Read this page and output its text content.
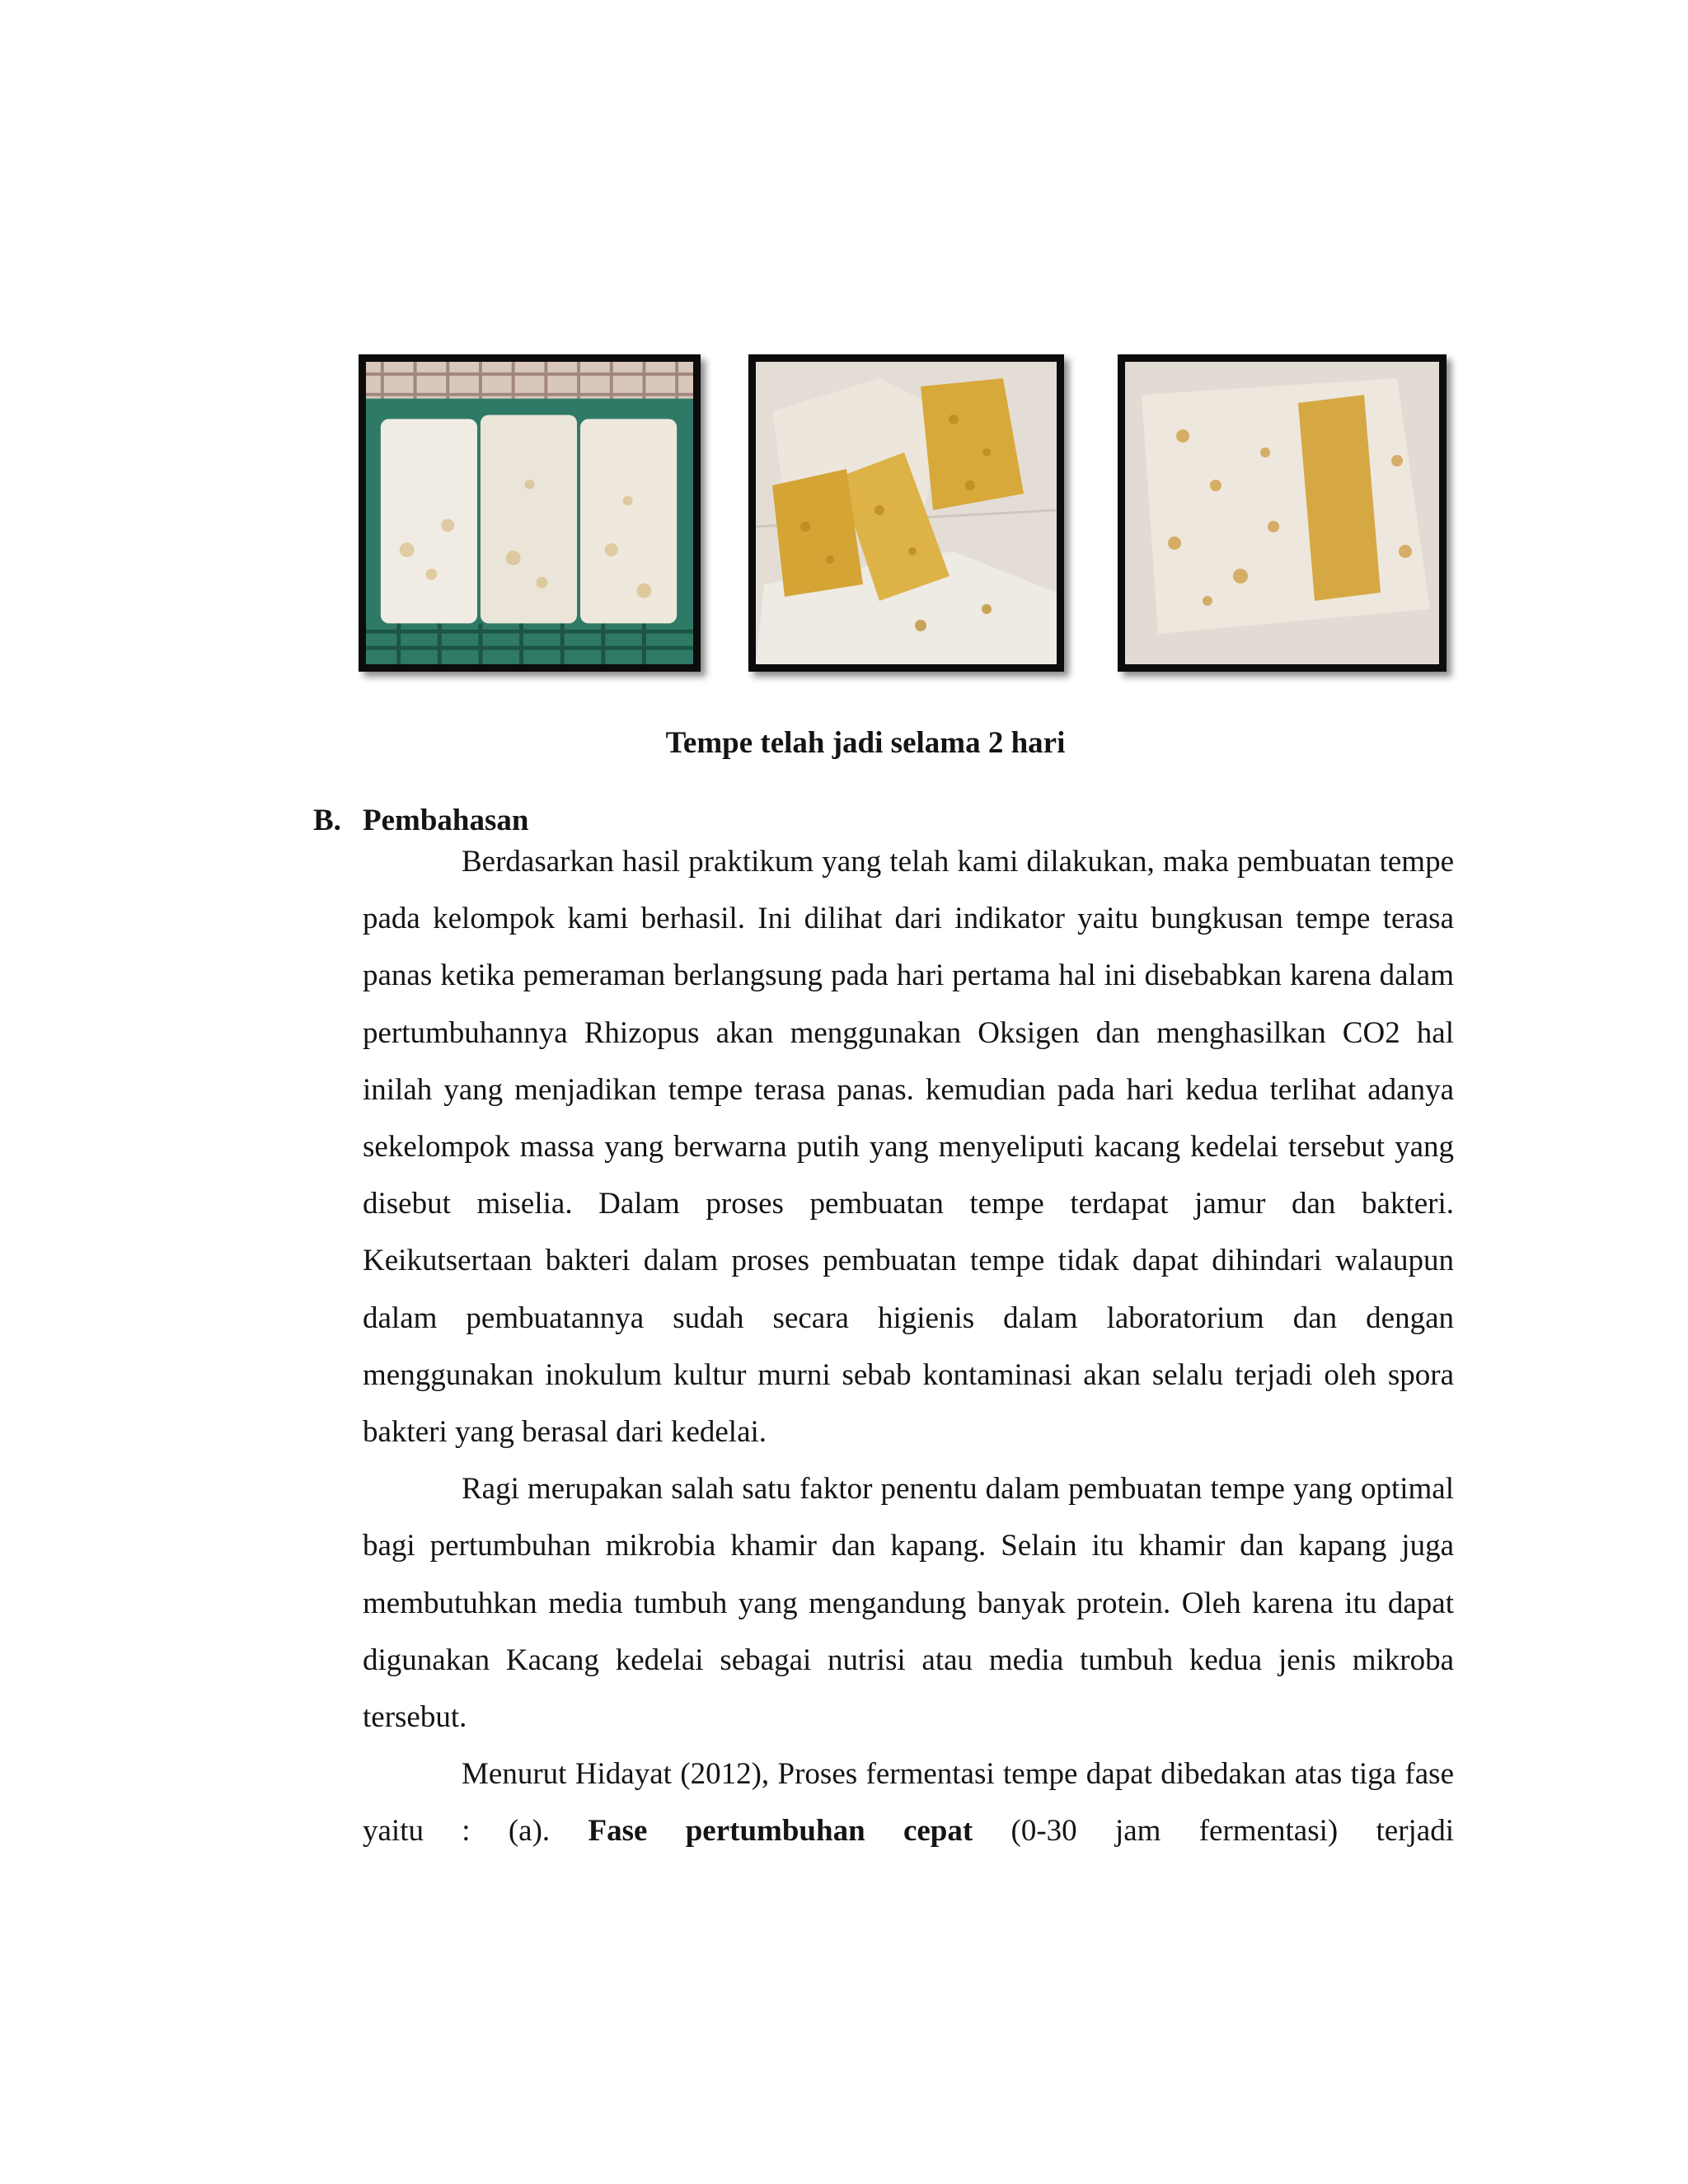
Tempe telah jadi selama 2 hari
B. Pembahasan

Berdasarkan hasil praktikum yang telah kami dilakukan, maka pembuatan tempe pada kelompok kami berhasil. Ini dilihat dari indikator yaitu bungkusan tempe terasa panas ketika pemeraman berlangsung pada hari pertama hal ini disebabkan karena dalam pertumbuhannya Rhizopus akan menggunakan Oksigen dan menghasilkan CO2 hal inilah yang menjadikan tempe terasa panas. kemudian pada hari kedua terlihat adanya sekelompok massa yang berwarna putih yang menyeliputi kacang kedelai tersebut yang disebut miselia. Dalam proses pembuatan tempe terdapat jamur dan bakteri. Keikutsertaan bakteri dalam proses pembuatan tempe tidak dapat dihindari walaupun dalam pembuatannya sudah secara higienis dalam laboratorium dan dengan menggunakan inokulum kultur murni sebab kontaminasi akan selalu terjadi oleh spora bakteri yang berasal dari kedelai.

Ragi merupakan salah satu faktor penentu dalam pembuatan tempe yang optimal bagi pertumbuhan mikrobia khamir dan kapang. Selain itu khamir dan kapang juga membutuhkan media tumbuh yang mengandung banyak protein. Oleh karena itu dapat digunakan Kacang kedelai sebagai nutrisi atau media tumbuh kedua jenis mikroba tersebut.

Menurut Hidayat (2012), Proses fermentasi tempe dapat dibedakan atas tiga fase yaitu : (a). Fase pertumbuhan cepat (0-30 jam fermentasi) terjadi
